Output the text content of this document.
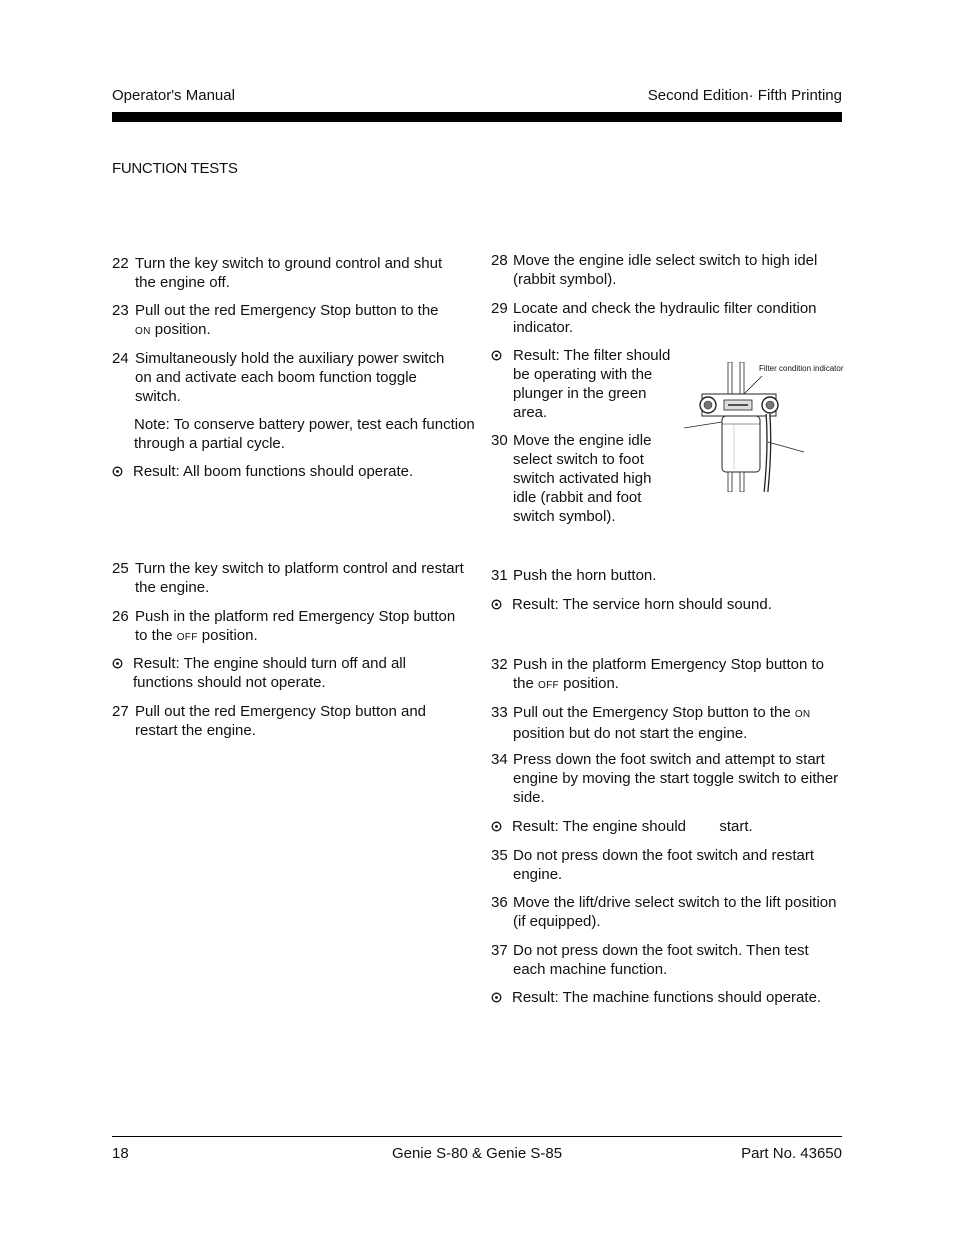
Operator's Manual	Second Edition· Fifth Printing
FUNCTION TESTS
22 Turn the key switch to ground control and shut the engine off.
23 Pull out the red Emergency Stop button to the
ON position.
24 Simultaneously hold the auxiliary power switch on and activate each boom function toggle switch.
Note: To conserve battery power, test each function through a partial cycle.
Result: All boom functions should operate.
25 Turn the key switch to platform control and restart the engine.
26 Push in the platform red Emergency Stop button to the OFF position.
Result: The engine should turn off and all functions should not operate.
27 Pull out the red Emergency Stop button and restart the engine.
28 Move the engine idle select switch to high idel (rabbit symbol).
29 Locate and check the hydraulic filter condition indicator.
Result: The filter should be operating with the plunger in the green area.
30 Move the engine idle select switch to foot switch activated high idle (rabbit and foot switch symbol).
Filter condition indicator
31 Push the horn button.
Result: The service horn should sound.
32 Push in the platform Emergency Stop button to the OFF position.
33 Pull out the Emergency Stop button to the ON position but do not start the engine.
34 Press down the foot switch and attempt to start engine by moving the start toggle switch to either side.
Result: The engine should        start.
35 Do not press down the foot switch and restart engine.
36 Move the lift/drive select switch to the lift position (if equipped).
37 Do not press down the foot switch. Then test each machine function.
Result: The machine functions should operate.
18	Genie S-80 & Genie S-85	Part No. 43650
